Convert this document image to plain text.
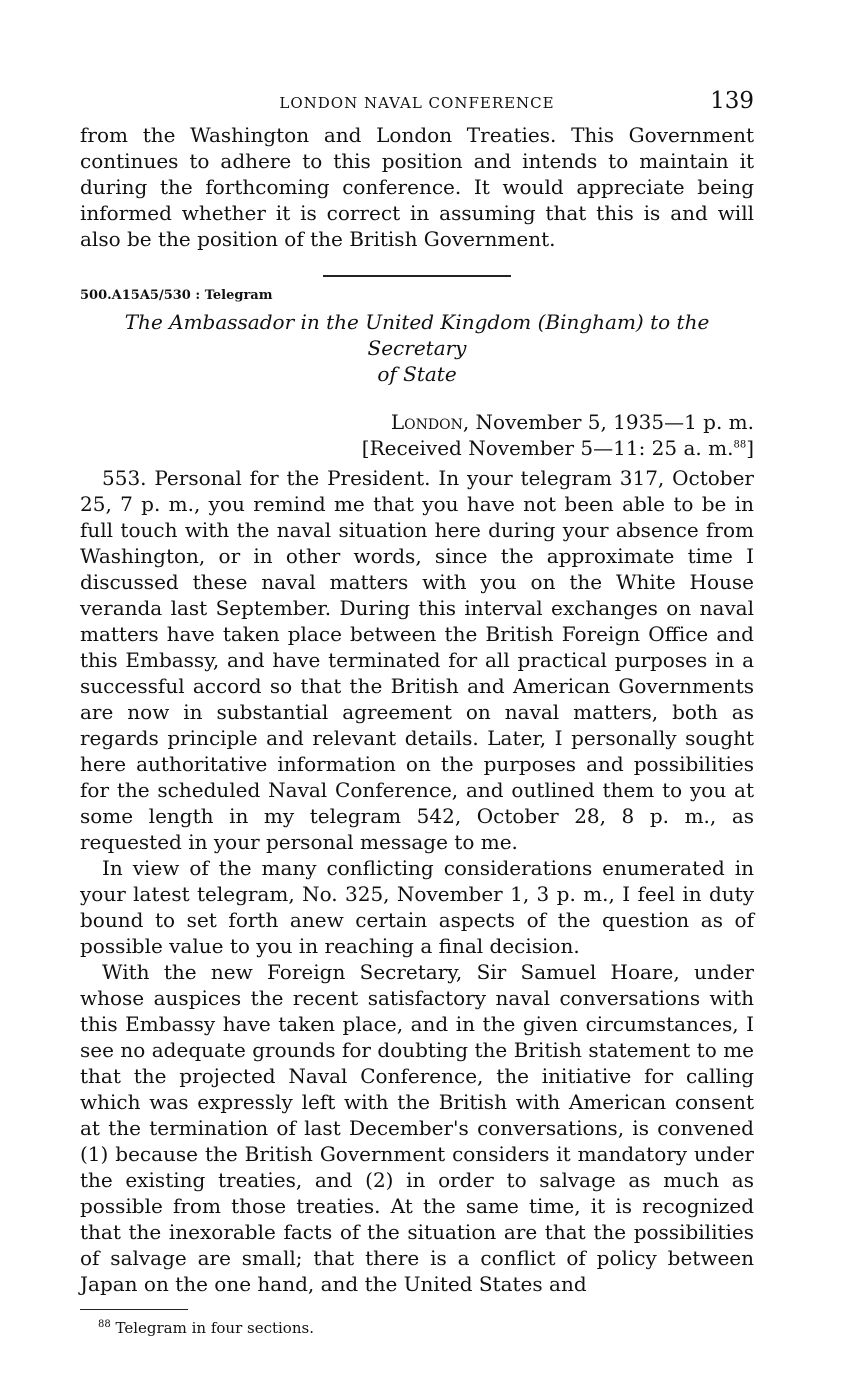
LONDON NAVAL CONFERENCE	139

from the Washington and London Treaties. This Government continues to adhere to this position and intends to maintain it during the forthcoming conference. It would appreciate being informed whether it is correct in assuming that this is and will also be the position of the British Government.

500.A15A5/530 : Telegram

The Ambassador in the United Kingdom (Bingham) to the Secretary
of State

London, November 5, 1935—1 p. m.

[Received November 5—11: 25 a. m.$^{88}$]

553. Personal for the President. In your telegram 317, October 25, 7 p. m., you remind me that you have not been able to be in full touch with the naval situation here during your absence from Washington, or in other words, since the approximate time I discussed these naval matters with you on the White House veranda last September. During this interval exchanges on naval matters have taken place between the British Foreign Office and this Embassy, and have terminated for all practical purposes in a successful accord so that the British and American Governments are now in substantial agreement on naval matters, both as regards principle and relevant details. Later, I personally sought here authoritative information on the purposes and possibilities for the scheduled Naval Conference, and outlined them to you at some length in my telegram 542, October 28, 8 p. m., as requested in your personal message to me.

In view of the many conflicting considerations enumerated in your latest telegram, No. 325, November 1, 3 p. m., I feel in duty bound to set forth anew certain aspects of the question as of possible value to you in reaching a final decision.

With the new Foreign Secretary, Sir Samuel Hoare, under whose auspices the recent satisfactory naval conversations with this Embassy have taken place, and in the given circumstances, I see no adequate grounds for doubting the British statement to me that the projected Naval Conference, the initiative for calling which was expressly left with the British with American consent at the termination of last December's conversations, is convened (1) because the British Government considers it mandatory under the existing treaties, and (2) in order to salvage as much as possible from those treaties. At the same time, it is recognized that the inexorable facts of the situation are that the possibilities of salvage are small; that there is a conflict of policy between Japan on the one hand, and the United States and

$^{88}$ Telegram in four sections.
